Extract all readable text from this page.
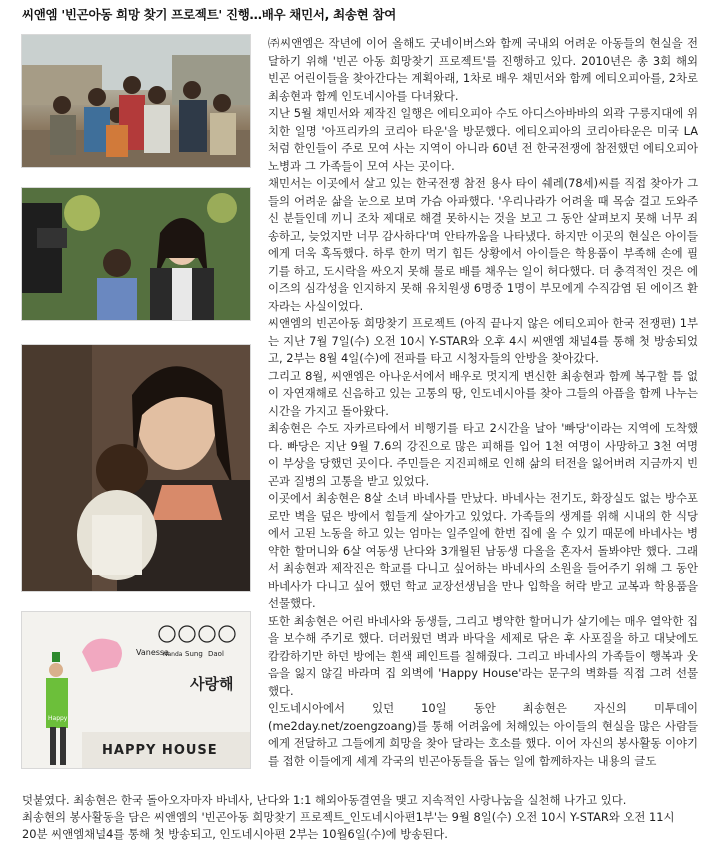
씨앤엠 '빈곤아동 희망 찾기 프로젝트' 진행…배우 채민서, 최송현 참여
Vanessa
Nanda Sung Daol
사랑해
HAPPY HOUSE
Happy

㈜씨앤엠은 작년에 이어 올해도 굿네이버스와 함께 국내외 어려운 아동들의 현실을 전달하기 위해 '빈곤 아동 희망찾기 프로젝트'를 진행하고 있다. 2010년은 총 3회 해외 빈곤 어린이들을 찾아간다는 계획아래, 1차로 배우 채민서와 함께 에티오피아를, 2차로 최송현과 함께 인도네시아를 다녀왔다.

지난 5월 채민서와 제작진 일행은 에티오피아 수도 아디스아바바의 외곽 구릉지대에 위치한 일명 '아프리카의 코리아 타운'을 방문했다. 에티오피아의 코리아타운은 미국 LA처럼 한인들이 주로 모여 사는 지역이 아니라 60년 전 한국전쟁에 참전했던 에티오피아 노병과 그 가족들이 모여 사는 곳이다.

채민서는 이곳에서 살고 있는 한국전쟁 참전 용사 타이 쉐레(78세)씨를 직접 찾아가 그들의 어려운 삶을 눈으로 보며 가슴 아파했다. '우리나라가 어려울 때 목숨 걸고 도와주신 분들인데 끼니 조차 제대로 해결 못하시는 것을 보고 그 동안 살펴보지 못해 너무 죄송하고, 늦었지만 너무 감사하다'며 안타까움을 나타냈다. 하지만 이곳의 현실은 아이들에게 더욱 혹독했다. 하루 한끼 먹기 힘든 상황에서 아이들은 학용품이 부족해 손에 필기를 하고, 도시락을 싸오지 못해 물로 배를 채우는 일이 허다했다. 더 충격적인 것은 에이즈의 심각성을 인지하지 못해 유치원생 6명중 1명이 부모에게 수직감염 된 에이즈 환자라는 사실이었다.

씨앤엠의 빈곤아동 희망찾기 프로젝트 (아직 끝나지 않은 에티오피아 한국 전쟁편) 1부는 지난 7월 7일(수) 오전 10시 Y-STAR와 오후 4시 씨앤엠 채널4를 통해 첫 방송되었고, 2부는 8월 4일(수)에 전파를 타고 시청자들의 안방을 찾아갔다.

그리고 8월, 씨앤엠은 아나운서에서 배우로 멋지게 변신한 최송현과 함께 복구할 틈 없이 자연재해로 신음하고 있는 고통의 땅, 인도네시아를 찾아 그들의 아픔을 함께 나누는 시간을 가지고 돌아왔다.

최송현은 수도 자카르타에서 비행기를 타고 2시간을 날아 '빠당'이라는 지역에 도착했다. 빠당은 지난 9월 7.6의 강진으로 많은 피해를 입어 1천 여명이 사망하고 3천 여명이 부상을 당했던 곳이다. 주민들은 지진피해로 인해 삶의 터전을 잃어버려 지금까지 빈곤과 질병의 고통을 받고 있었다.

이곳에서 최송현은 8살 소녀 바네사를 만났다. 바네사는 전기도, 화장실도 없는 방수포로만 벽을 덮은 방에서 힘들게 살아가고 있었다. 가족들의 생계를 위해 시내의 한 식당에서 고된 노동을 하고 있는 엄마는 일주일에 한번 집에 올 수 있기 때문에 바네사는 병약한 할머니와 6살 여동생 난다와 3개월된 남동생 다올을 혼자서 돌봐야만 했다. 그래서 최송현과 제작진은 학교를 다니고 싶어하는 바네사의 소원을 들어주기 위해 그 동안 바네사가 다니고 싶어 했던 학교 교장선생님을 만나 입학을 허락 받고 교복과 학용품을 선물했다.

또한 최송현은 어린 바네사와 동생들, 그리고 병약한 할머니가 살기에는 매우 열악한 집을 보수해 주기로 했다. 더러웠던 벽과 바닥을 세제로 닦은 후 사포질을 하고 대낮에도 캄캄하기만 하던 방에는 흰색 페인트를 칠해줬다. 그리고 바네사의 가족들이 행복과 웃음을 잃지 않길 바라며 집 외벽에 'Happy House'라는 문구의 벽화를 직접 그려 선물했다.

인도네시아에서 있던 10일 동안 최송현은 자신의 미투데이(me2day.net/zoengzoang)를 통해 어려움에 처해있는 아이들의 현실을 많은 사람들에게 전달하고 그들에게 희망을 찾아 달라는 호소를 했다. 이어 자신의 봉사활동 이야기를 접한 이들에게 세계 각국의 빈곤아동들을 돕는 일에 함께하자는 내용의 글도

덧붙였다. 최송현은 한국 돌아오자마자 바네사, 난다와 1:1 해외아동결연을 맺고 지속적인 사랑나눔을 실천해 나가고 있다.
최송현의 봉사활동을 담은 씨앤엠의 '빈곤아동 희망찾기 프로젝트_인도네시아편1부'는 9월 8일(수) 오전 10시 Y-STAR와 오전 11시
20분 씨앤엠채널4를 통해 첫 방송되고, 인도네시아편 2부는 10월6일(수)에 방송된다.
